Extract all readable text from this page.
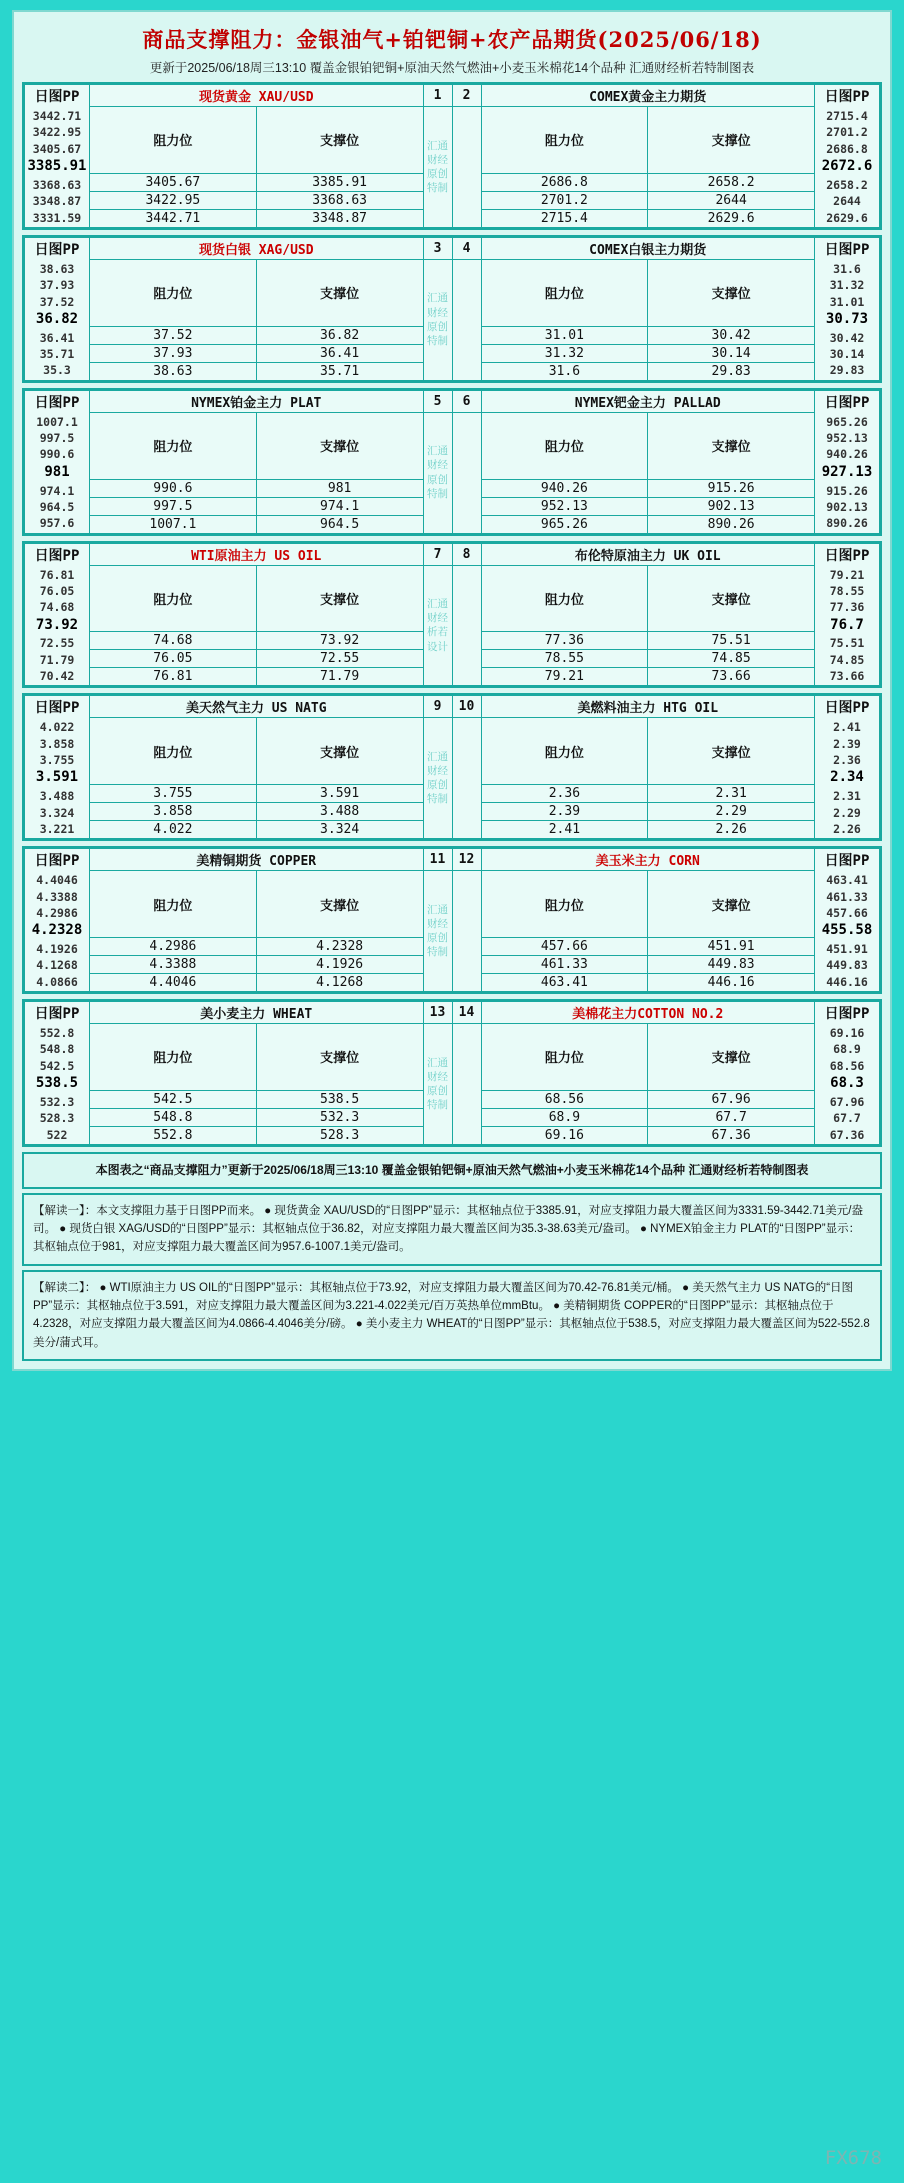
商品支撑阻力：金银油气+铂钯铜+农产品期货(2025/06/18)
更新于2025/06/18周三13:10 覆盖金银铂钯铜+原油天然气燃油+小麦玉米棉花14个品种 汇通财经析若特制图表
日图PP
3442.71
3422.95
3405.67
3385.91
3368.63
3348.87
3331.59
	现货黄金 XAU/USD	1	2	COMEX黄金主力期货	日图PP
2715.4
2701.2
2686.8
2672.6
2658.2
2644
2629.6

	阻力位	支撑位	汇通财经
原创特制		阻力位	支撑位	
	3405.67	3385.91			2686.8	2658.2	
	3422.95	3368.63			2701.2	2644	
	3442.71	3348.87			2715.4	2629.6	
日图PP
38.63
37.93
37.52
36.82
36.41
35.71
35.3
	现货白银 XAG/USD	3	4	COMEX白银主力期货	日图PP
31.6
31.32
31.01
30.73
30.42
30.14
29.83

	阻力位	支撑位	汇通财经
原创特制		阻力位	支撑位	
	37.52	36.82			31.01	30.42	
	37.93	36.41			31.32	30.14	
	38.63	35.71			31.6	29.83	
日图PP
1007.1
997.5
990.6
981
974.1
964.5
957.6
	NYMEX铂金主力 PLAT	5	6	NYMEX钯金主力 PALLAD	日图PP
965.26
952.13
940.26
927.13
915.26
902.13
890.26

	阻力位	支撑位	汇通财经
原创特制		阻力位	支撑位	
	990.6	981			940.26	915.26	
	997.5	974.1			952.13	902.13	
	1007.1	964.5			965.26	890.26	
日图PP
76.81
76.05
74.68
73.92
72.55
71.79
70.42
	WTI原油主力 US OIL	7	8	布伦特原油主力 UK OIL	日图PP
79.21
78.55
77.36
76.7
75.51
74.85
73.66

	阻力位	支撑位	汇通财经
析若设计		阻力位	支撑位	
	74.68	73.92			77.36	75.51	
	76.05	72.55			78.55	74.85	
	76.81	71.79			79.21	73.66	
日图PP
4.022
3.858
3.755
3.591
3.488
3.324
3.221
	美天然气主力 US NATG	9	10	美燃料油主力 HTG OIL	日图PP
2.41
2.39
2.36
2.34
2.31
2.29
2.26

	阻力位	支撑位	汇通财经
原创特制		阻力位	支撑位	
	3.755	3.591			2.36	2.31	
	3.858	3.488			2.39	2.29	
	4.022	3.324			2.41	2.26	
日图PP
4.4046
4.3388
4.2986
4.2328
4.1926
4.1268
4.0866
	美精铜期货 COPPER	11	12	美玉米主力 CORN	日图PP
463.41
461.33
457.66
455.58
451.91
449.83
446.16

	阻力位	支撑位	汇通财经
原创特制		阻力位	支撑位	
	4.2986	4.2328			457.66	451.91	
	4.3388	4.1926			461.33	449.83	
	4.4046	4.1268			463.41	446.16	
日图PP
552.8
548.8
542.5
538.5
532.3
528.3
522
	美小麦主力 WHEAT	13	14	美棉花主力COTTON NO.2	日图PP
69.16
68.9
68.56
68.3
67.96
67.7
67.36

	阻力位	支撑位	汇通财经
原创特制		阻力位	支撑位	
	542.5	538.5			68.56	67.96	
	548.8	532.3			68.9	67.7	
	552.8	528.3			69.16	67.36	
本图表之“商品支撑阻力”更新于2025/06/18周三13:10 覆盖金银铂钯铜+原油天然气燃油+小麦玉米棉花14个品种 汇通财经析若特制图表
【解读一】：本文支撑阻力基于日图PP而来。 ● 现货黄金 XAU/USD的“日图PP”显示：其枢轴点位于3385.91，对应支撑阻力最大覆盖区间为3331.59-3442.71美元/盎司。 ● 现货白银 XAG/USD的“日图PP”显示：其枢轴点位于36.82，对应支撑阻力最大覆盖区间为35.3-38.63美元/盎司。 ● NYMEX铂金主力 PLAT的“日图PP”显示：其枢轴点位于981，对应支撑阻力最大覆盖区间为957.6-1007.1美元/盎司。
【解读二】： ● WTI原油主力 US OIL的“日图PP”显示：其枢轴点位于73.92，对应支撑阻力最大覆盖区间为70.42-76.81美元/桶。 ● 美天然气主力 US NATG的“日图PP”显示：其枢轴点位于3.591，对应支撑阻力最大覆盖区间为3.221-4.022美元/百万英热单位mmBtu。 ● 美精铜期货 COPPER的“日图PP”显示：其枢轴点位于4.2328，对应支撑阻力最大覆盖区间为4.0866-4.4046美分/磅。 ● 美小麦主力 WHEAT的“日图PP”显示：其枢轴点位于538.5，对应支撑阻力最大覆盖区间为522-552.8美分/蒲式耳。
FX678
